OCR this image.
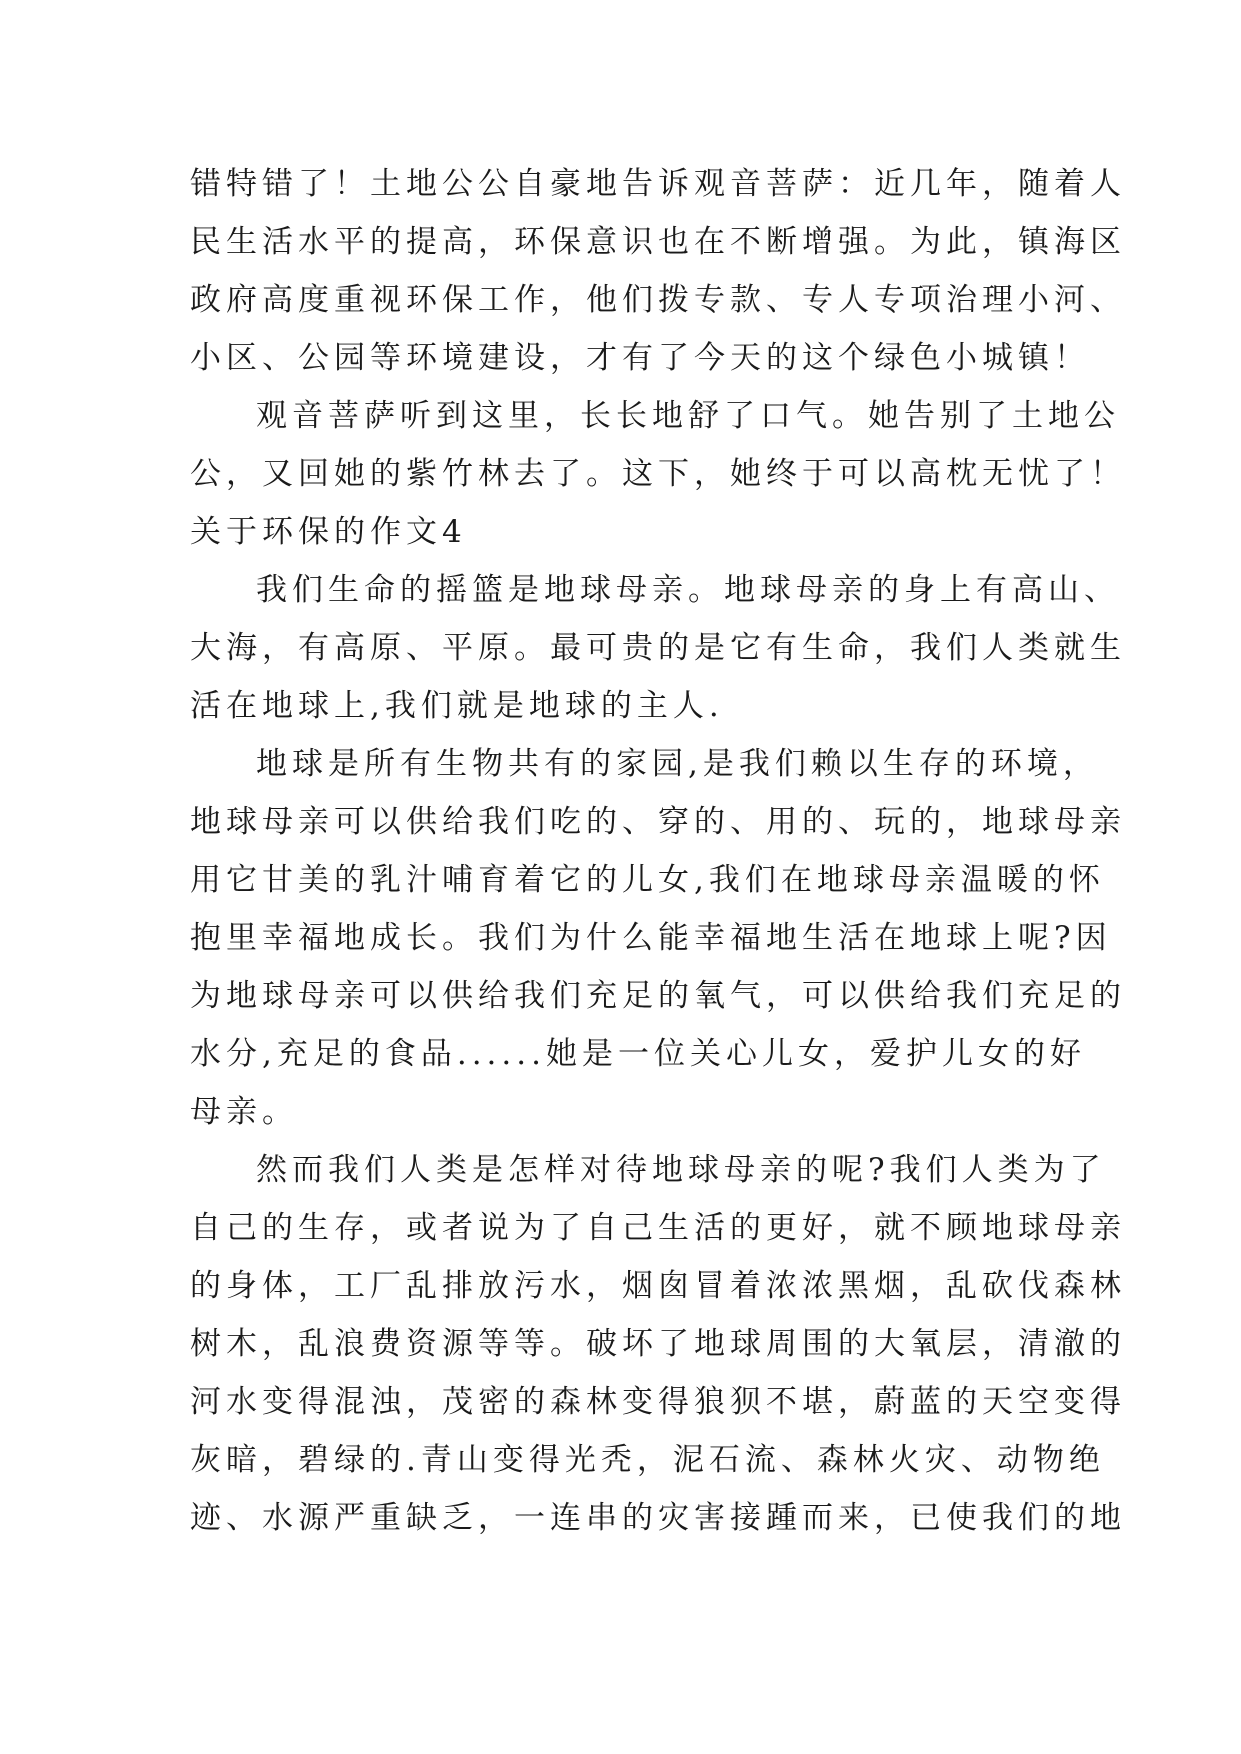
错特错了！土地公公自豪地告诉观音菩萨：近几年，随着人
民生活水平的提高，环保意识也在不断增强。为此，镇海区
政府高度重视环保工作，他们拨专款、专人专项治理小河、
小区、公园等环境建设，才有了今天的这个绿色小城镇！
观音菩萨听到这里，长长地舒了口气。她告别了土地公
公，又回她的紫竹林去了。这下，她终于可以高枕无忧了！
关于环保的作文4
我们生命的摇篮是地球母亲。地球母亲的身上有高山、
大海，有高原、平原。最可贵的是它有生命，我们人类就生
活在地球上,我们就是地球的主人.
地球是所有生物共有的家园,是我们赖以生存的环境，
地球母亲可以供给我们吃的、穿的、用的、玩的，地球母亲
用它甘美的乳汁哺育着它的儿女,我们在地球母亲温暖的怀
抱里幸福地成长。我们为什么能幸福地生活在地球上呢?因
为地球母亲可以供给我们充足的氧气，可以供给我们充足的
水分,充足的食品......她是一位关心儿女，爱护儿女的好
母亲。
然而我们人类是怎样对待地球母亲的呢?我们人类为了
自己的生存，或者说为了自己生活的更好，就不顾地球母亲
的身体，工厂乱排放污水，烟囱冒着浓浓黑烟，乱砍伐森林
树木，乱浪费资源等等。破坏了地球周围的大氧层，清澈的
河水变得混浊，茂密的森林变得狼狈不堪，蔚蓝的天空变得
灰暗，碧绿的.青山变得光秃，泥石流、森林火灾、动物绝
迹、水源严重缺乏，一连串的灾害接踵而来，已使我们的地
